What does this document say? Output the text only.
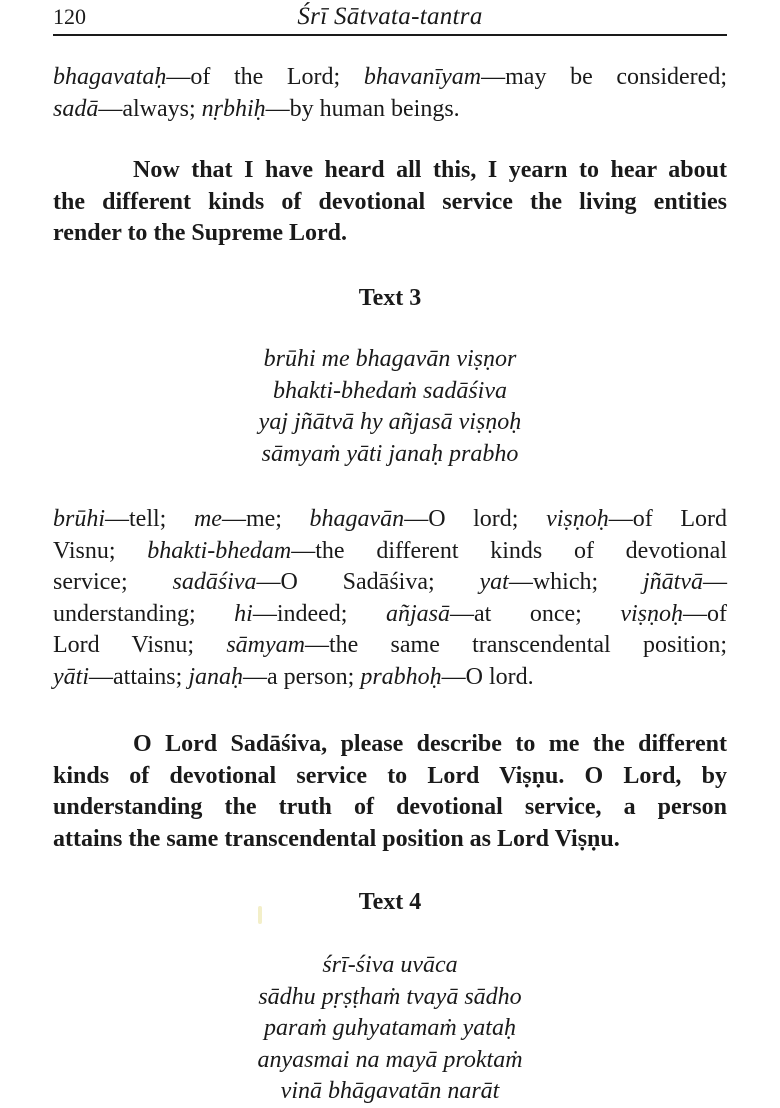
120	Śrī Sātvata-tantra
bhagavataḥ—of the Lord; bhavanīyam—may be considered;
sadā—always; nṛbhiḥ—by human beings.
Now that I have heard all this, I yearn to hear about
the different kinds of devotional service the living entities
render to the Supreme Lord.
Text 3
brūhi me bhagavān viṣṇor
bhakti-bhedaṁ sadāśiva
yaj jñātvā hy añjasā viṣṇoḥ
sāmyaṁ yāti janaḥ prabho
brūhi—tell; me—me; bhagavān—O lord; viṣṇoḥ—of Lord
Visnu; bhakti-bhedam—the different kinds of devotional
service; sadāśiva—O Sadāśiva; yat—which; jñātvā—
understanding; hi—indeed; añjasā—at once; viṣṇoḥ—of
Lord Visnu; sāmyam—the same transcendental position;
yāti—attains; janaḥ—a person; prabhoḥ—O lord.
O Lord Sadāśiva, please describe to me the different
kinds of devotional service to Lord Viṣṇu. O Lord, by
understanding the truth of devotional service, a person
attains the same transcendental position as Lord Viṣṇu.
Text 4
śrī-śiva uvāca
sādhu pṛṣṭhaṁ tvayā sādho
paraṁ guhyatamaṁ yataḥ
anyasmai na mayā proktaṁ
vinā bhāgavatān narāt
